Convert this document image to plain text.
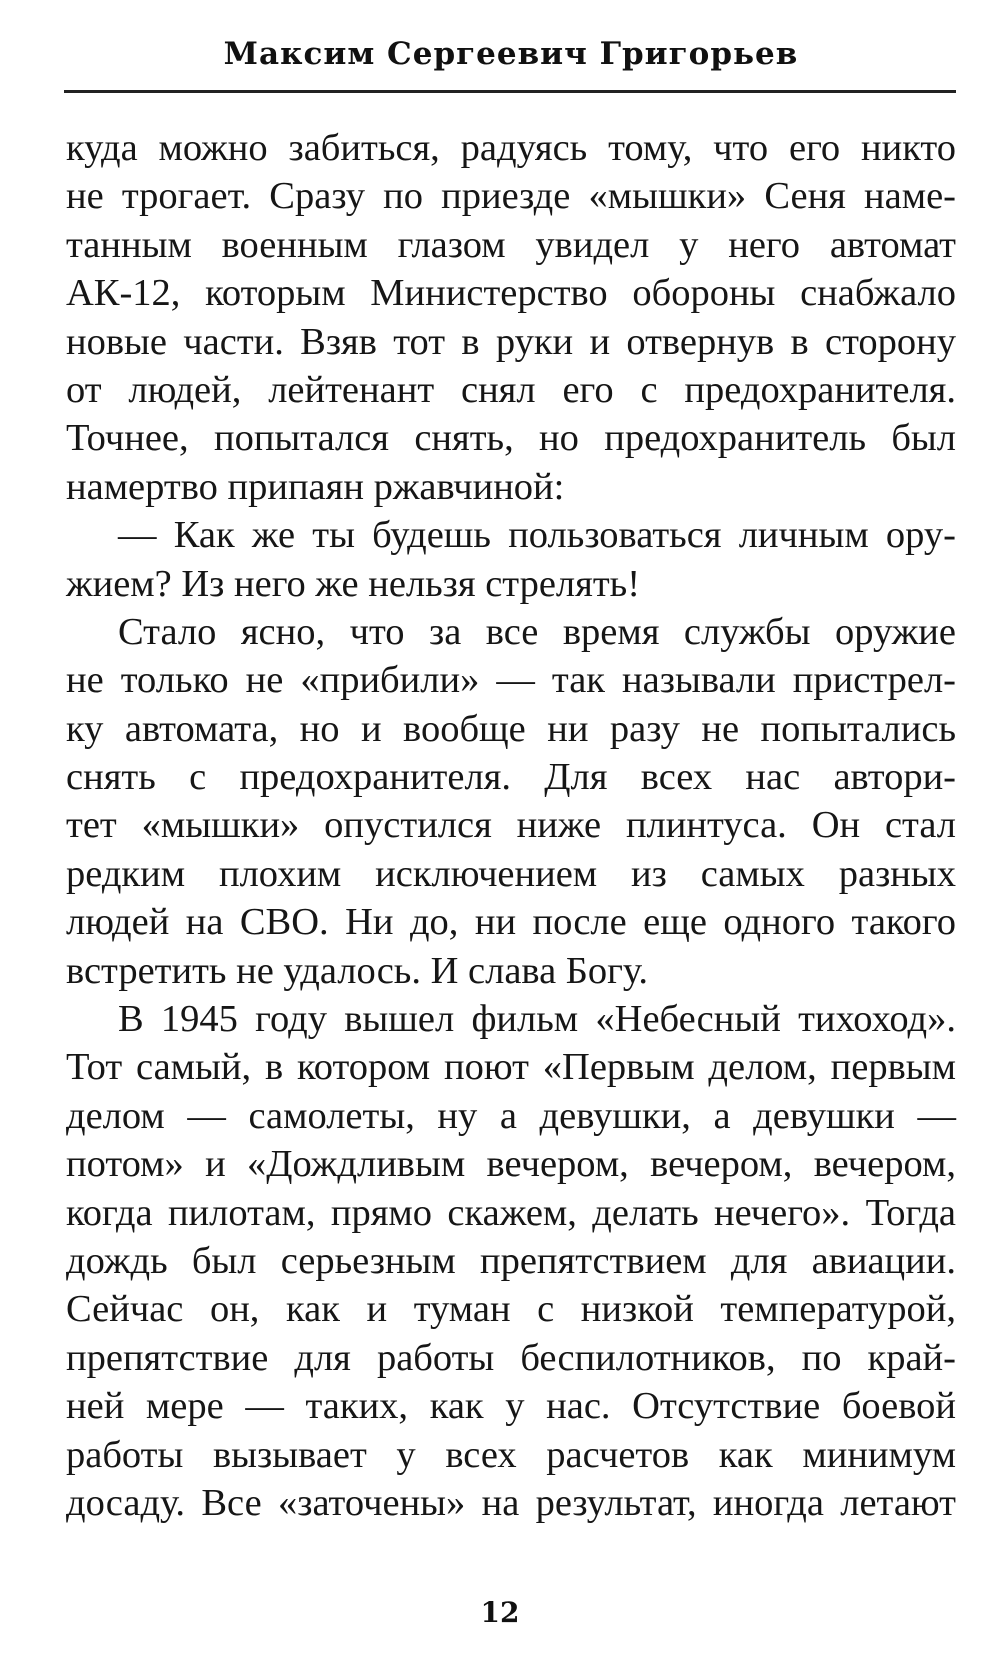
Максим Сергеевич Григорьев
куда можно забиться, радуясь тому, что его никто
не трогает. Сразу по приезде «мышки» Сеня наме-
танным военным глазом увидел у него автомат
АК-12, которым Министерство обороны снабжало
новые части. Взяв тот в руки и отвернув в сторону
от людей, лейтенант снял его с предохранителя.
Точнее, попытался снять, но предохранитель был
намертво припаян ржавчиной:
— Как же ты будешь пользоваться личным ору-
жием? Из него же нельзя стрелять!
Стало ясно, что за все время службы оружие
не только не «прибили» — так называли пристрел-
ку автомата, но и вообще ни разу не попытались
снять с предохранителя. Для всех нас автори-
тет «мышки» опустился ниже плинтуса. Он стал
редким плохим исключением из самых разных
людей на СВО. Ни до, ни после еще одного такого
встретить не удалось. И слава Богу.
В 1945 году вышел фильм «Небесный тихоход».
Тот самый, в котором поют «Первым делом, первым
делом — самолеты, ну а девушки, а девушки —
потом» и «Дождливым вечером, вечером, вечером,
когда пилотам, прямо скажем, делать нечего». Тогда
дождь был серьезным препятствием для авиации.
Сейчас он, как и туман с низкой температурой,
препятствие для работы беспилотников, по край-
ней мере — таких, как у нас. Отсутствие боевой
работы вызывает у всех расчетов как минимум
досаду. Все «заточены» на результат, иногда летают
12
